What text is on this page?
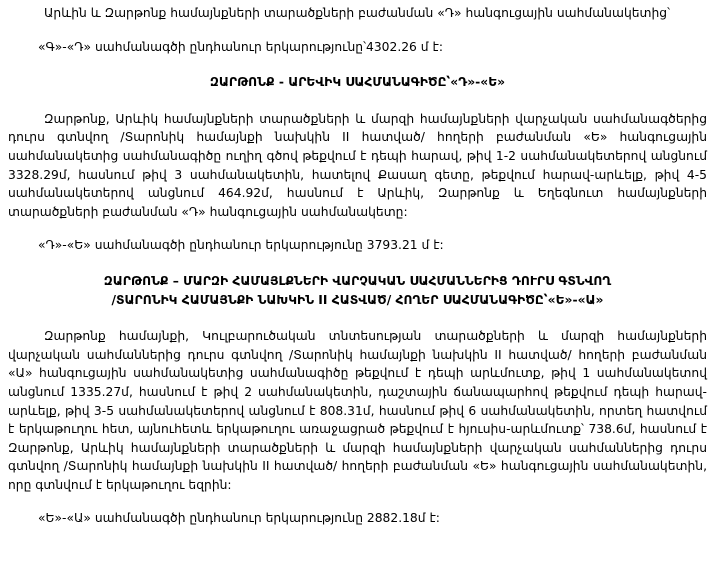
Արևին և Զարթոնք համայնքների տարածքների բաժանման «Դ» հանգուցային սահմանակետից՝

«Գ»-«Դ» սահմանագծի ընդհանուր երկարությունը՝4302.26 մ է:

ԶԱՐԹՈՆՔ - ԱՐԵՎԻԿ ՍԱՀՄԱՆԱԳԻԾԸ՝«Դ»-«Ե»

Զարթոնք, Արևիկ համայնքների տարածքների և մարզի համայնքների վարչական սահմանագծերից դուրս գտնվող /Տարոնիկ համայնքի նախկին II հատված/ հողերի բաժանման «Ե» հանգուցային սահմանակետից սահմանագիծը ուղիղ գծով թեքվում է դեպի հարավ, թիվ 1-2 սահմանակետերով անցնում 3328.29մ, հասնում թիվ 3 սահմանակետին, հատելով Քասաղ գետը, թեքվում հարավ-արևելք, թիվ 4-5 սահմանակետերով անցնում 464.92մ, հասնում է Արևիկ, Զարթոնք և Եղեգնուտ համայնքների տարածքների բաժանման «Դ» հանգուցային սահմանակետը:

«Դ»-«Ե» սահմանագծի ընդհանուր երկարությունը 3793.21 մ է:

ԶԱՐԹՈՆՔ – ՄԱՐԶԻ ՀԱՄԱՅԼՔՆԵՐԻ ՎԱՐՉԱԿԱՆ ՍԱՀՄԱՆՆԵՐԻՑ ԴՈՒՐՍ ԳՏՆՎՈՂ

/ՏԱՐՈՆԻԿ ՀԱՄԱՅՆՔԻ ՆԱԽԿԻՆ II ՀԱՏՎԱԾ/ ՀՈՂԵՐ ՍԱՀՄԱՆԱԳԻԾԸ՝«Ե»-«Ա»

Զարթոնք համայնքի, Կուլբարուծական տնտեսության տարածքների և մարզի համայնքների վարչական սահմաններից դուրս գտնվող /Տարոնիկ համայնքի նախկին II հատված/ հողերի բաժանման «Ա» հանգուցային սահմանակետից սահմանագիծը թեքվում է դեպի արևմուտք, թիվ 1 սահմանակետով անցնում 1335.27մ, հասնում է թիվ 2 սահմանակետին, դաշտային ճանապարհով թեքվում դեպի հարավ-արևելք, թիվ 3-5 սահմանակետերով անցնում է 808.31մ, հասնում թիվ 6 սահմանակետին, որտեղ հատվում է երկաթուղու հետ, այնուհետև երկաթուղու առաջացրած թեքվում է հյուսիս-արևմուտք՝ 738.6մ, հասնում է Զարթոնք, Արևիկ համայնքների տարածքների և մարզի համայնքների վարչական սահմաններից դուրս գտնվող /Տարոնիկ համայնքի նախկին II հատված/ հողերի բաժանման «Ե» հանգուցային սահմանակետին, որը գտնվում է երկաթուղու եզրին:

«Ե»-«Ա» սահմանագծի ընդհանուր երկարությունը 2882.18մ է:
